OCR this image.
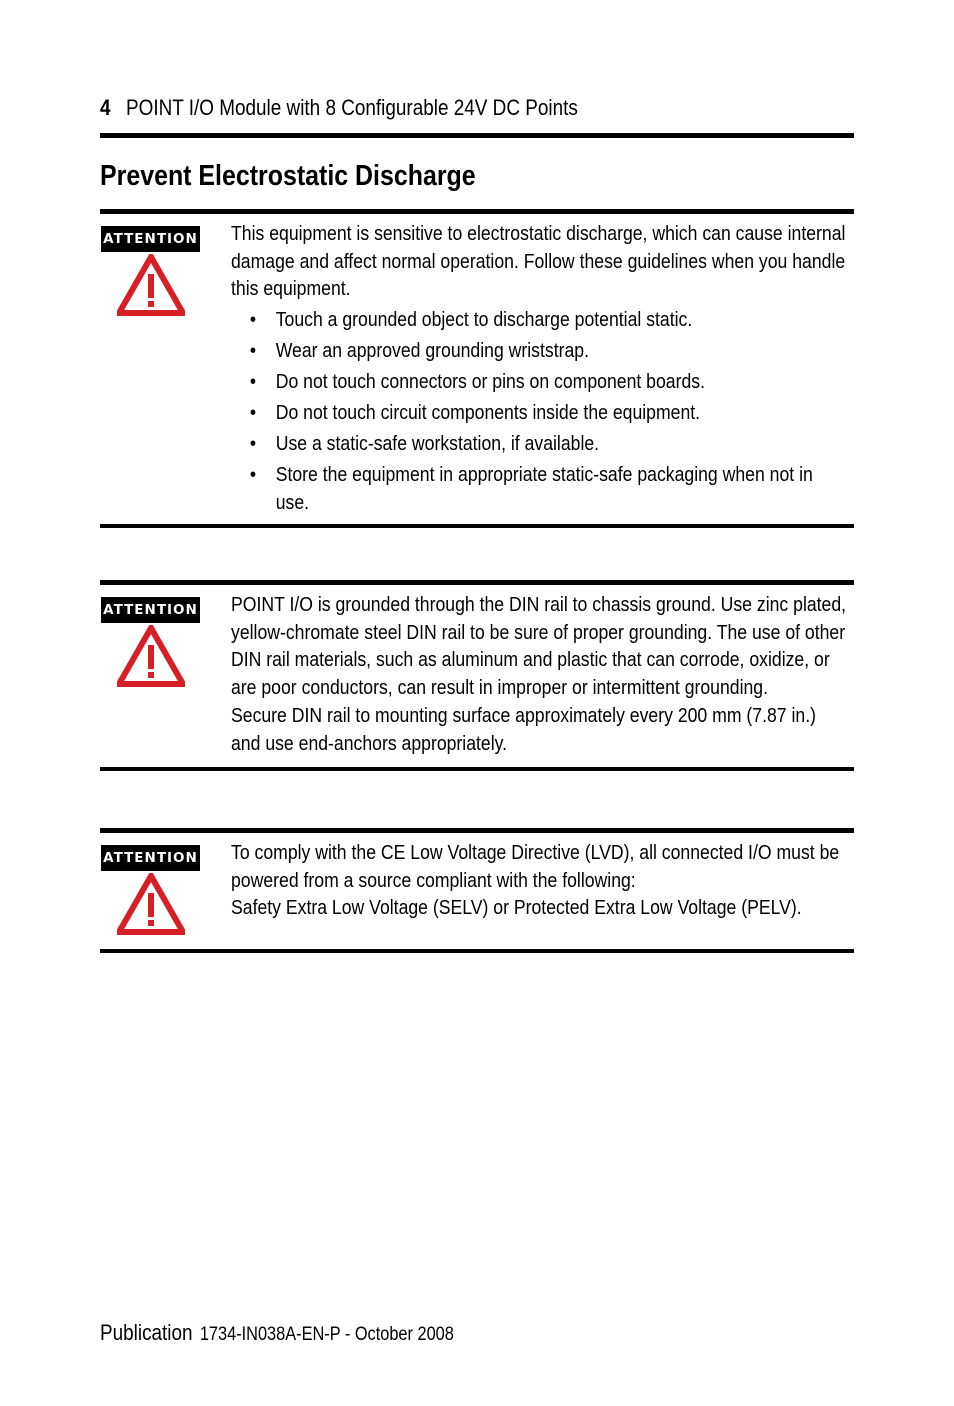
4 POINT I/O Module with 8 Configurable 24V DC Points
Prevent Electrostatic Discharge
ATTENTION This equipment is sensitive to electrostatic discharge, which can cause internal damage and affect normal operation. Follow these guidelines when you handle this equipment.

• Touch a grounded object to discharge potential static.
• Wear an approved grounding wriststrap.
• Do not touch connectors or pins on component boards.
• Do not touch circuit components inside the equipment.
• Use a static-safe workstation, if available.
• Store the equipment in appropriate static-safe packaging when not in use.
ATTENTION POINT I/O is grounded through the DIN rail to chassis ground. Use zinc plated, yellow-chromate steel DIN rail to be sure of proper grounding. The use of other DIN rail materials, such as aluminum and plastic that can corrode, oxidize, or are poor conductors, can result in improper or intermittent grounding.

Secure DIN rail to mounting surface approximately every 200 mm (7.87 in.) and use end-anchors appropriately.

ATTENTION To comply with the CE Low Voltage Directive (LVD), all connected I/O must be powered from a source compliant with the following:

Safety Extra Low Voltage (SELV) or Protected Extra Low Voltage (PELV).

Publication 1734-IN038A-EN-P - October 2008
